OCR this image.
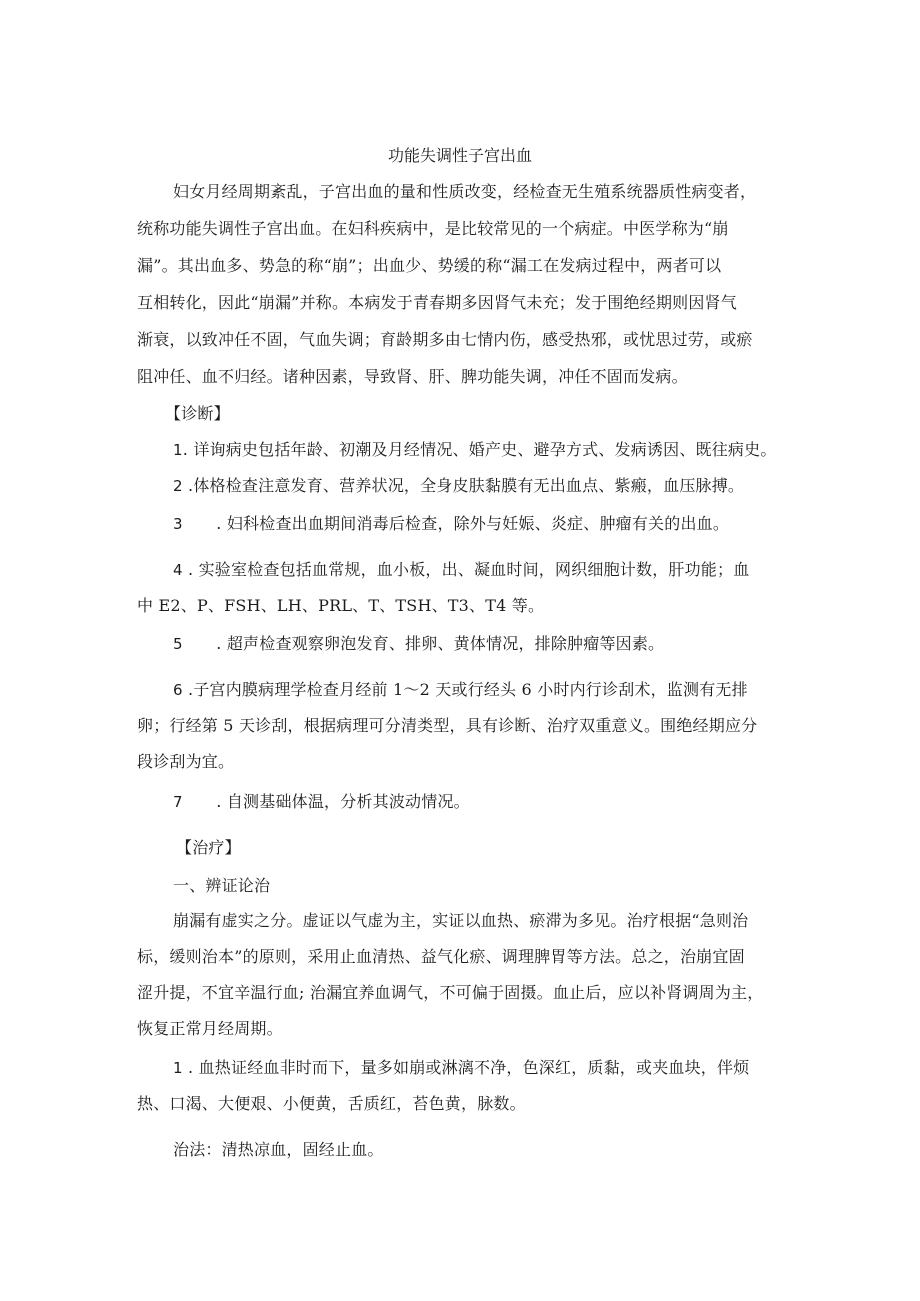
功能失调性子宫出血
妇女月经周期紊乱，子宫出血的量和性质改变，经检查无生殖系统器质性病变者，
统称功能失调性子宫出血。在妇科疾病中，是比较常见的一个病症。中医学称为“崩
漏”。其出血多、势急的称“崩”；出血少、势缓的称“漏工在发病过程中，两者可以
互相转化，因此“崩漏”并称。本病发于青春期多因肾气未充；发于围绝经期则因肾气
渐衰，以致冲任不固，气血失调；育龄期多由七情内伤，感受热邪，或忧思过劳，或瘀
阻冲任、血不归经。诸种因素，导致肾、肝、脾功能失调，冲任不固而发病。
【诊断】
1. 详询病史包括年龄、初潮及月经情况、婚产史、避孕方式、发病诱因、既往病史。
2 .体格检查注意发育、营养状况，全身皮肤黏膜有无出血点、紫瘢，血压脉搏。
3 . 妇科检查出血期间消毒后检查，除外与妊娠、炎症、肿瘤有关的出血。
4 . 实验室检查包括血常规，血小板，出、凝血时间，网织细胞计数，肝功能；血
中 E2、P、FSH、LH、PRL、T、TSH、T3、T4 等。
5 . 超声检查观察卵泡发育、排卵、黄体情况，排除肿瘤等因素。
6 .子宫内膜病理学检查月经前 1～2 天或行经头 6 小时内行诊刮术，监测有无排
卵；行经第 5 天诊刮，根据病理可分清类型，具有诊断、治疗双重意义。围绝经期应分
段诊刮为宜。
7 . 自测基础体温，分析其波动情况。
【治疗】
一、辨证论治
崩漏有虚实之分。虚证以气虚为主，实证以血热、瘀滞为多见。治疗根据“急则治
标，缓则治本”的原则，采用止血清热、益气化瘀、调理脾胃等方法。总之，治崩宜固
涩升提，不宜辛温行血; 治漏宜养血调气，不可偏于固摄。血止后，应以补肾调周为主，
恢复正常月经周期。
1 . 血热证经血非时而下，量多如崩或淋漓不净，色深红，质黏，或夹血块，伴烦
热、口渴、大便艰、小便黄，舌质红，苔色黄，脉数。
治法：清热凉血，固经止血。
